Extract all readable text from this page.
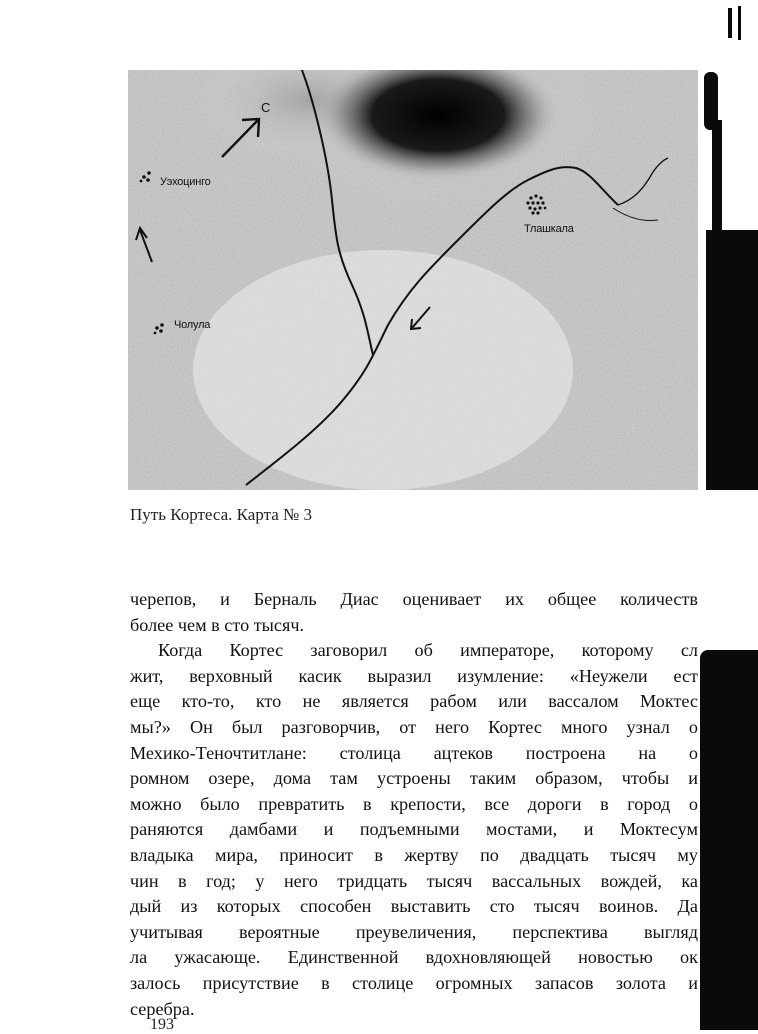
С
Уэхоцинго
Тлашкала
Чолула
Путь Кортеса. Карта № 3
черепов, и Берналь Диас оценивает их общее количеств
более чем в сто тысяч.
Когда Кортес заговорил об императоре, которому сл
жит, верховный касик выразил изумление: «Неужели ест
еще кто-то, кто не является рабом или вассалом Моктес
мы?» Он был разговорчив, от него Кортес много узнал о
Мехико-Теночтитлане: столица ацтеков построена на о
ромном озере, дома там устроены таким образом, чтобы и
можно было превратить в крепости, все дороги в город о
раняются дамбами и подъемными мостами, и Моктесум
владыка мира, приносит в жертву по двадцать тысяч му
чин в год; у него тридцать тысяч вассальных вождей, ка
дый из которых способен выставить сто тысяч воинов. Да
учитывая вероятные преувеличения, перспектива выгляд
ла ужасающе. Единственной вдохновляющей новостью ок
залось присутствие в столице огромных запасов золота и
серебра.
193
